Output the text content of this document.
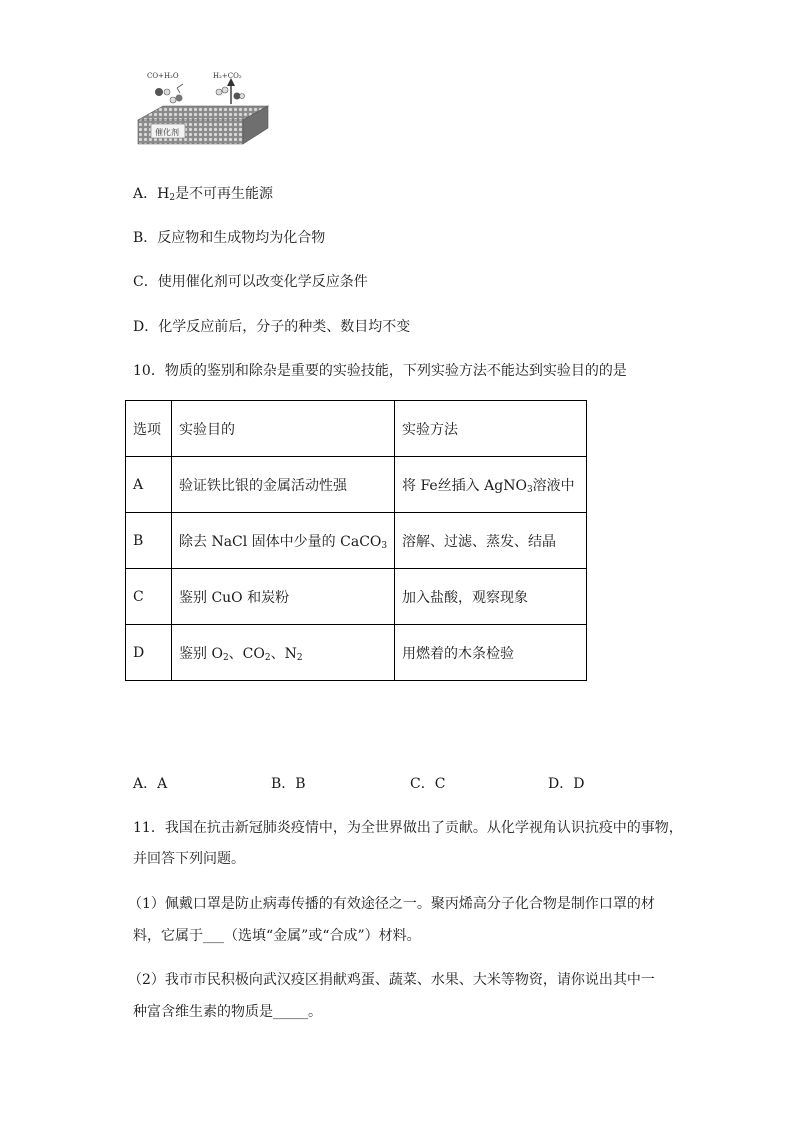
CO+H₂O	H₂+CO₂
催化剂
A．$H_2$是不可再生能源
B．反应物和生成物均为化合物
C．使用催化剂可以改变化学反应条件
D．化学反应前后，分子的种类、数目均不变
10．物质的鉴别和除杂是重要的实验技能，下列实验方法不能达到实验目的的是
选项	实验目的	实验方法
A	验证铁比银的金属活动性强	将 Fe丝插入 AgNO$_3$溶液中
B	除去 NaCl 固体中少量的 CaCO$_3$	溶解、过滤、蒸发、结晶
C	鉴别 CuO 和炭粉	加入盐酸，观察现象
D	鉴别 $O_2$、$CO_2$、$N_2$	用燃着的木条检验
A．A	B．B	C．C	D．D
11．我国在抗击新冠肺炎疫情中，为全世界做出了贡献。从化学视角认识抗疫中的事物，
并回答下列问题。
（1）佩戴口罩是防止病毒传播的有效途径之一。聚丙烯高分子化合物是制作口罩的材
料，它属于___（选填“金属”或“合成”）材料。
（2）我市市民积极向武汉疫区捐献鸡蛋、蔬菜、水果、大米等物资，请你说出其中一
种富含维生素的物质是_____。
